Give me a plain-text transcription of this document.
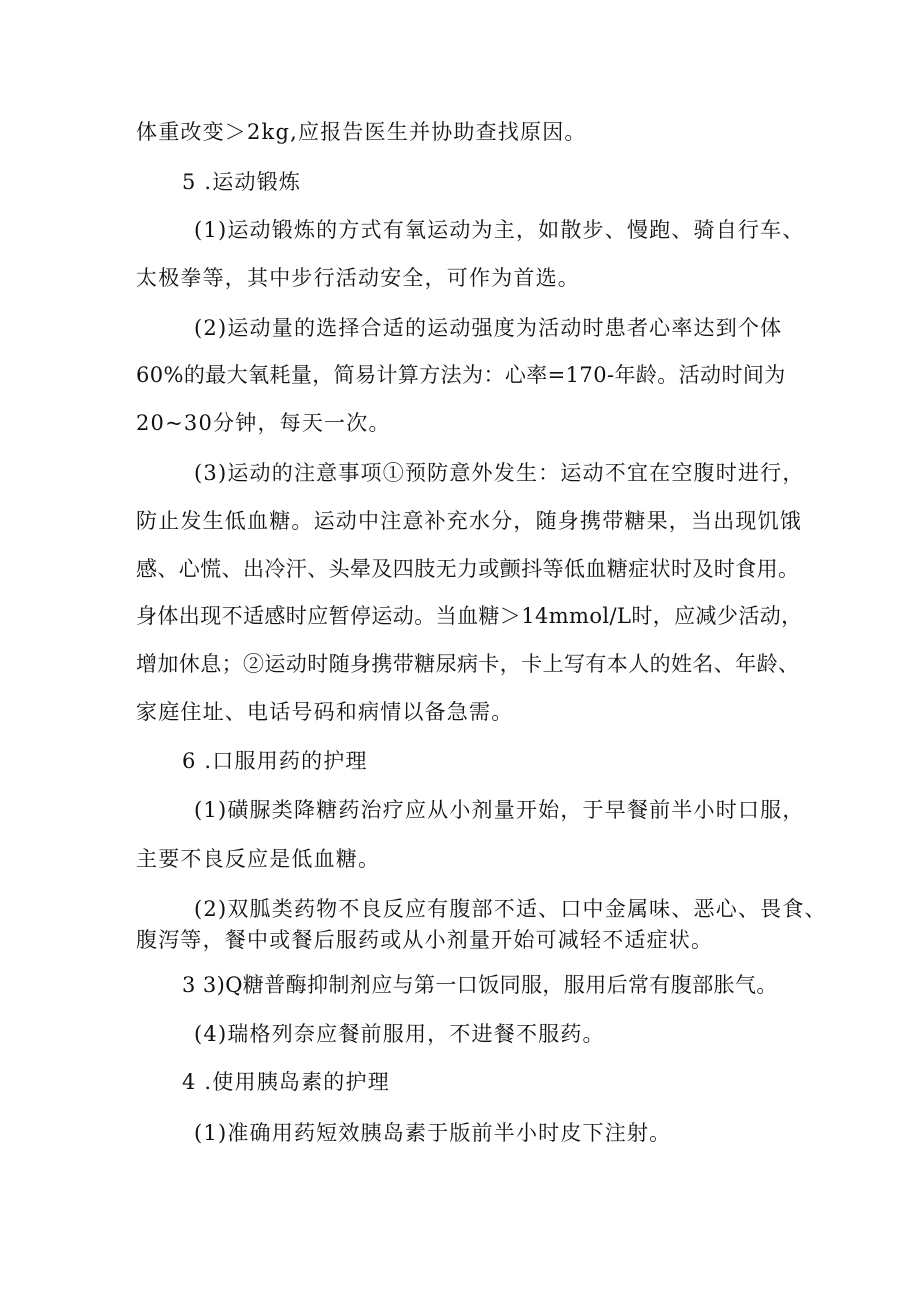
体重改变＞2kg,应报告医生并协助查找原因。
5 .运动锻炼
(1)运动锻炼的方式有氧运动为主，如散步、慢跑、骑自行车、
太极拳等，其中步行活动安全，可作为首选。
(2)运动量的选择合适的运动强度为活动时患者心率达到个体
60%的最大氧耗量，简易计算方法为：心率=170-年龄。活动时间为
20~30分钟，每天一次。
(3)运动的注意事项①预防意外发生：运动不宜在空腹时进行，
防止发生低血糖。运动中注意补充水分，随身携带糖果，当出现饥饿
感、心慌、出冷汗、头晕及四肢无力或颤抖等低血糖症状时及时食用。
身体出现不适感时应暂停运动。当血糖＞14mmol/L时，应减少活动，
增加休息；②运动时随身携带糖尿病卡，卡上写有本人的姓名、年龄、
家庭住址、电话号码和病情以备急需。
6 .口服用药的护理
(1)磺脲类降糖药治疗应从小剂量开始，于早餐前半小时口服，
主要不良反应是低血糖。
(2)双胍类药物不良反应有腹部不适、口中金属味、恶心、畏食、
腹泻等，餐中或餐后服药或从小剂量开始可减轻不适症状。
3 3)Q糖普酶抑制剂应与第一口饭同服，服用后常有腹部胀气。
(4)瑞格列奈应餐前服用，不进餐不服药。
4 .使用胰岛素的护理
(1)准确用药短效胰岛素于版前半小时皮下注射。
